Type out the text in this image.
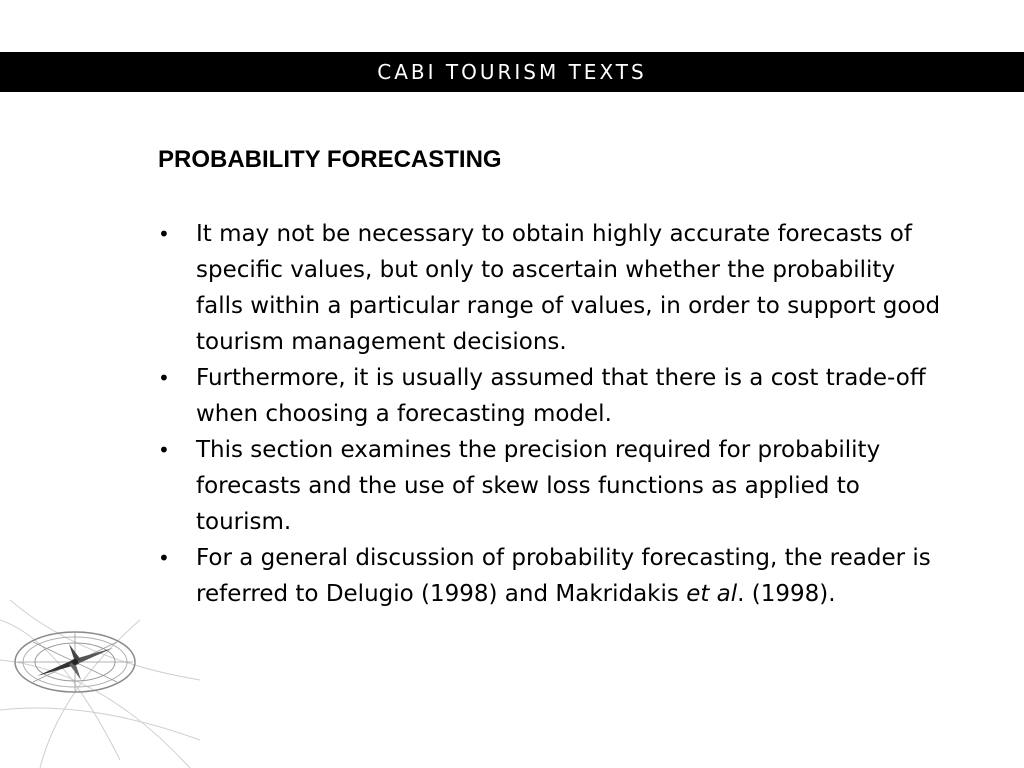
CABI TOURISM TEXTS
PROBABILITY FORECASTING
• It may not be necessary to obtain highly accurate forecasts of specific values, but only to ascertain whether the probability falls within a particular range of values, in order to support good tourism management decisions.
• Furthermore, it is usually assumed that there is a cost trade-off when choosing a forecasting model.
• This section examines the precision required for probability forecasts and the use of skew loss functions as applied to tourism.
• For a general discussion of probability forecasting, the reader is referred to Delugio (1998) and Makridakis et al. (1998).
